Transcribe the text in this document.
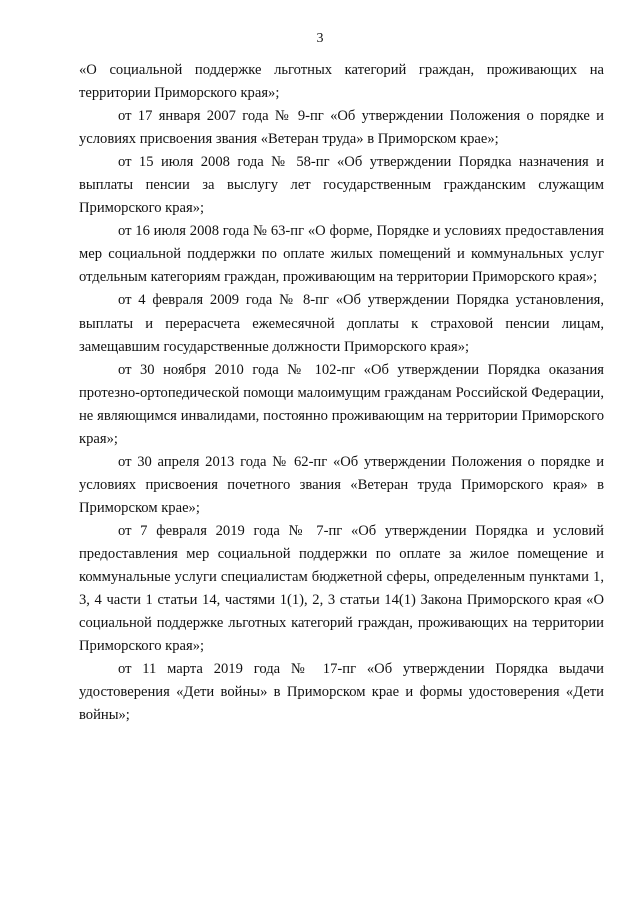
3

«О социальной поддержке льготных категорий граждан, проживающих на территории Приморского края»;

от 17 января 2007 года № 9-пг «Об утверждении Положения о порядке и условиях присвоения звания «Ветеран труда» в Приморском крае»;

от 15 июля 2008 года № 58-пг «Об утверждении Порядка назначения и выплаты пенсии за выслугу лет государственным гражданским служащим Приморского края»;

от 16 июля 2008 года № 63-пг «О форме, Порядке и условиях предоставления мер социальной поддержки по оплате жилых помещений и коммунальных услуг отдельным категориям граждан, проживающим на территории Приморского края»;

от 4 февраля 2009 года № 8-пг «Об утверждении Порядка установления, выплаты и перерасчета ежемесячной доплаты к страховой пенсии лицам, замещавшим государственные должности Приморского края»;

от 30 ноября 2010 года № 102-пг «Об утверждении Порядка оказания протезно-ортопедической помощи малоимущим гражданам Российской Федерации, не являющимся инвалидами, постоянно проживающим на территории Приморского края»;

от 30 апреля 2013 года № 62-пг «Об утверждении Положения о порядке и условиях присвоения почетного звания «Ветеран труда Приморского края» в Приморском крае»;

от 7 февраля 2019 года № 7-пг «Об утверждении Порядка и условий предоставления мер социальной поддержки по оплате за жилое помещение и коммунальные услуги специалистам бюджетной сферы, определенным пунктами 1, 3, 4 части 1 статьи 14, частями 1(1), 2, 3 статьи 14(1) Закона Приморского края «О социальной поддержке льготных категорий граждан, проживающих на территории Приморского края»;

от 11 марта 2019 года № 17-пг «Об утверждении Порядка выдачи удостоверения «Дети войны» в Приморском крае и формы удостоверения «Дети войны»;
